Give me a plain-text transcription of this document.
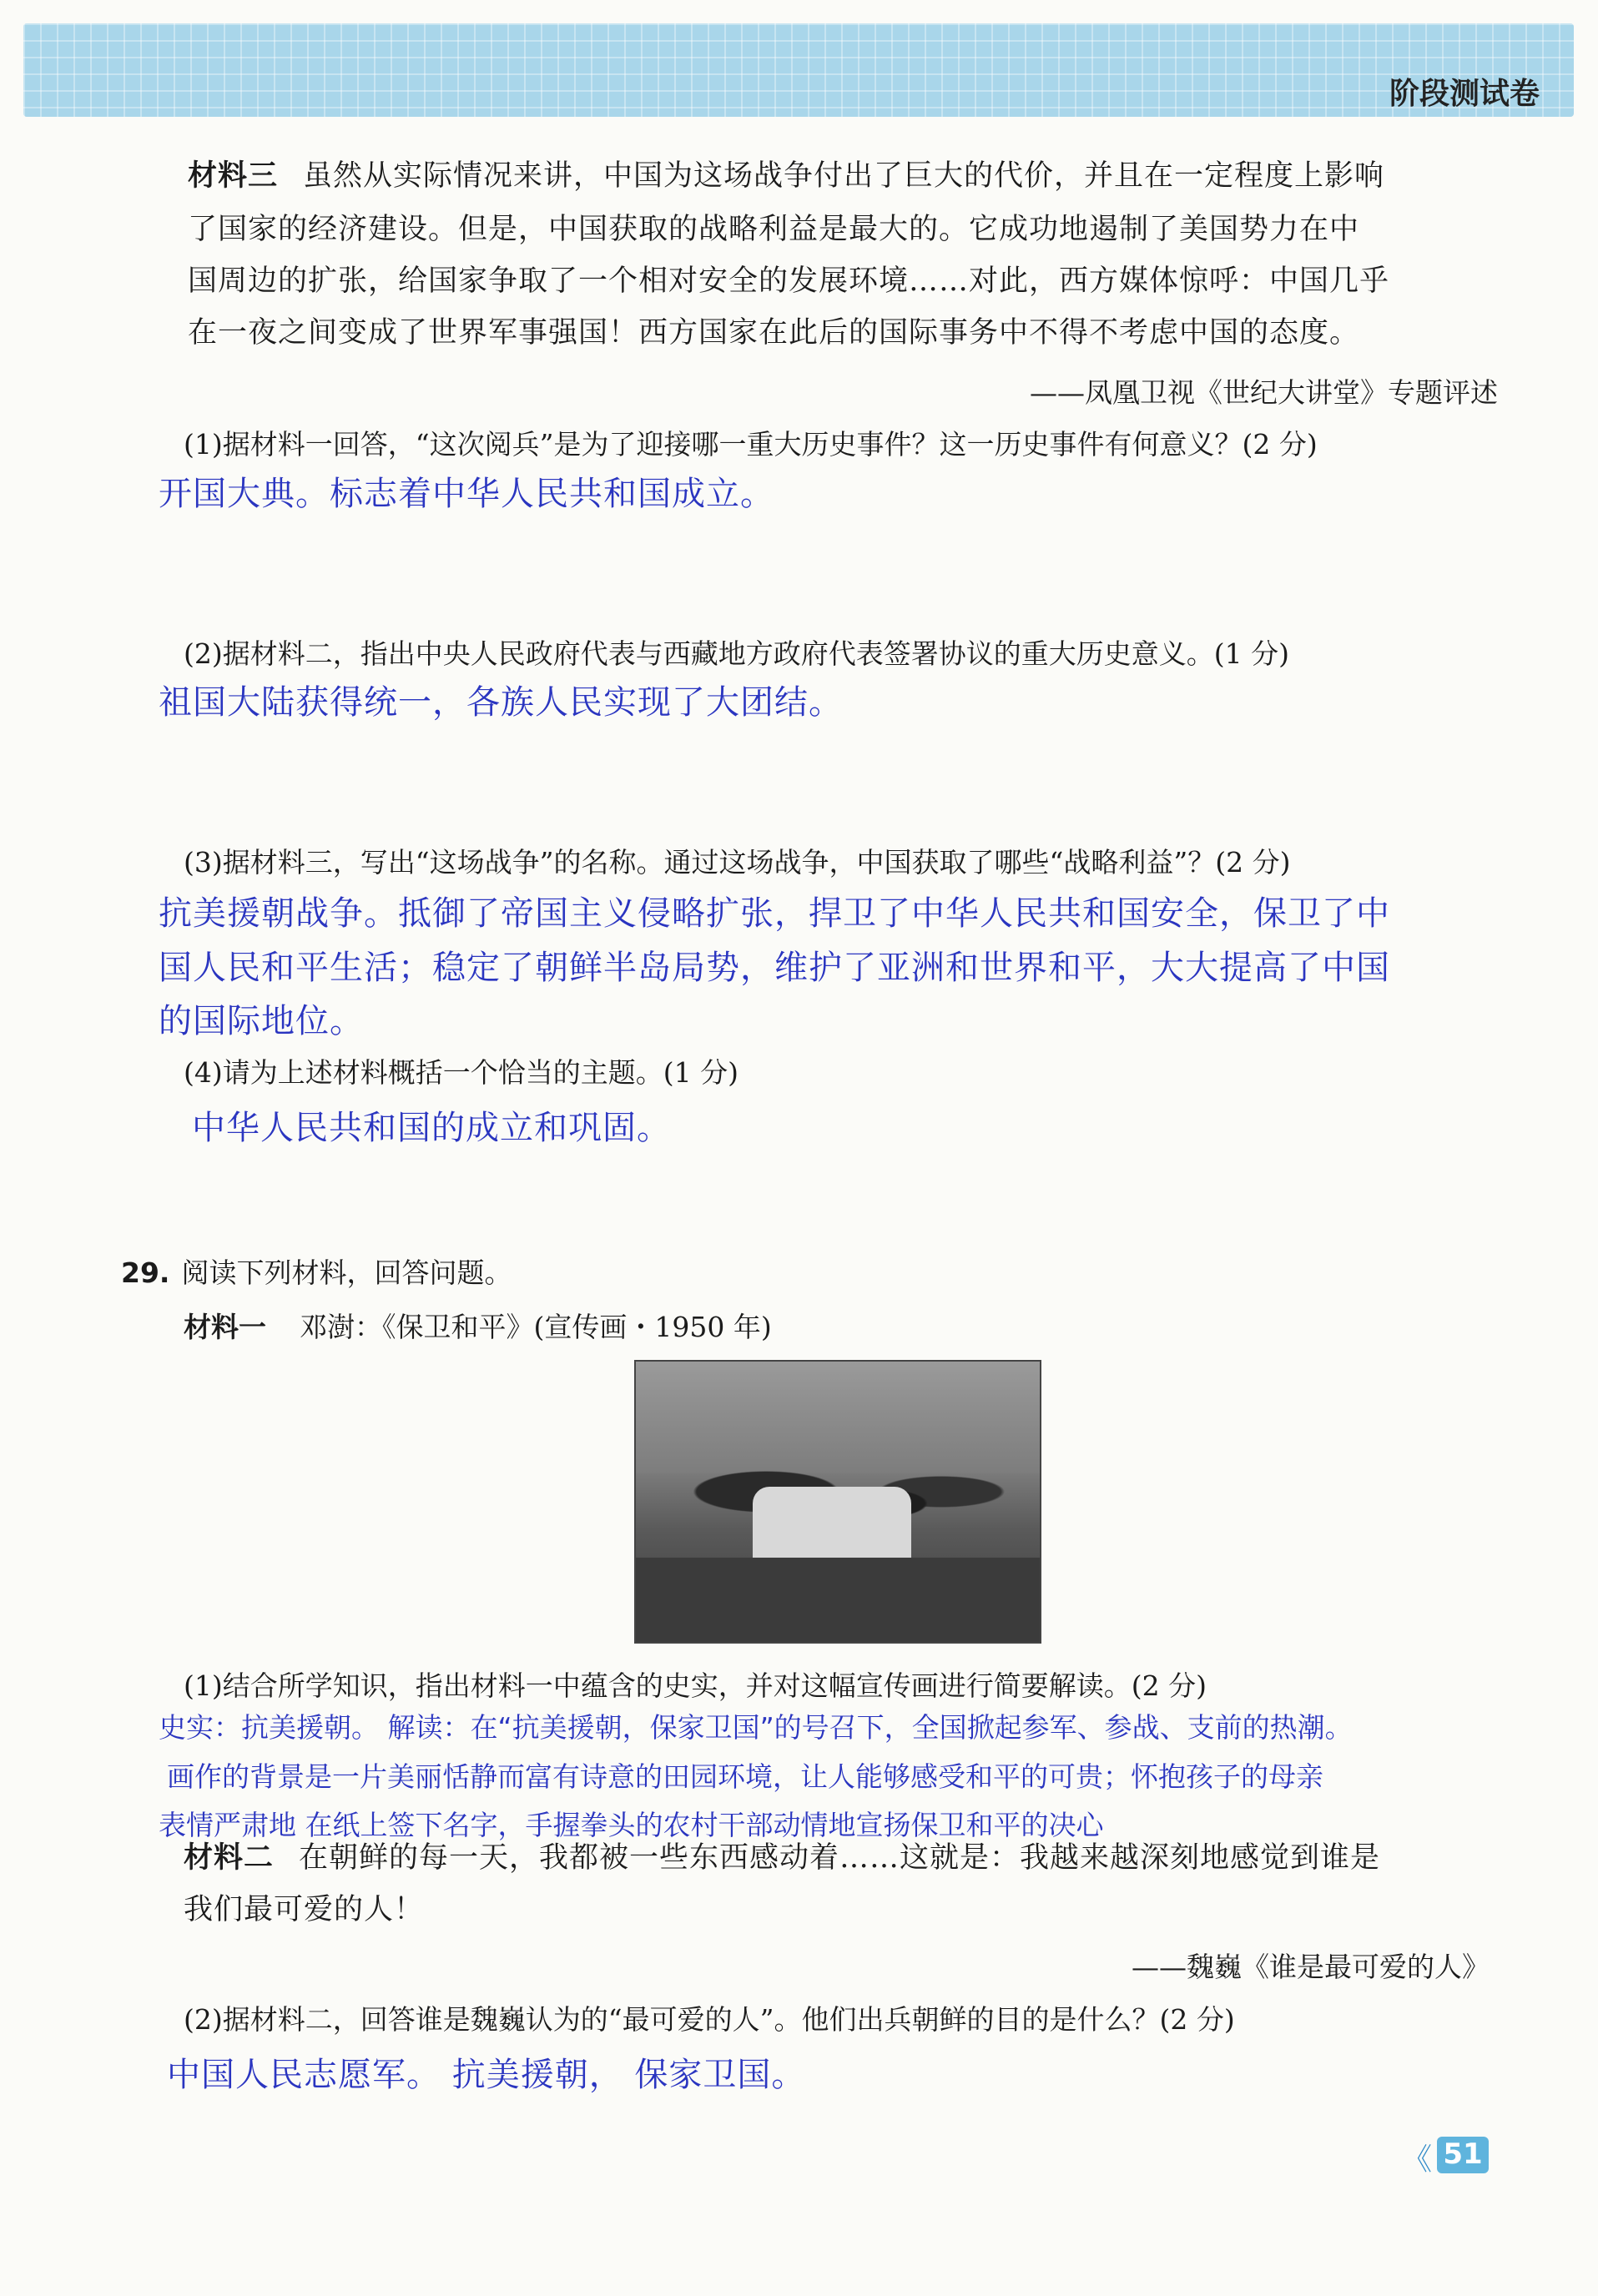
阶段测试卷
材料三 虽然从实际情况来讲，中国为这场战争付出了巨大的代价，并且在一定程度上影响
了国家的经济建设。但是，中国获取的战略利益是最大的。它成功地遏制了美国势力在中
国周边的扩张，给国家争取了一个相对安全的发展环境……对此，西方媒体惊呼：中国几乎
在一夜之间变成了世界军事强国！西方国家在此后的国际事务中不得不考虑中国的态度。
——凤凰卫视《世纪大讲堂》专题评述
(1)据材料一回答，“这次阅兵”是为了迎接哪一重大历史事件？这一历史事件有何意义？(2 分)
开国大典。标志着中华人民共和国成立。
(2)据材料二，指出中央人民政府代表与西藏地方政府代表签署协议的重大历史意义。(1 分)
祖国大陆获得统一，各族人民实现了大团结。
(3)据材料三，写出“这场战争”的名称。通过这场战争，中国获取了哪些“战略利益”？(2 分)
抗美援朝战争。抵御了帝国主义侵略扩张，捍卫了中华人民共和国安全，保卫了中
国人民和平生活；稳定了朝鲜半岛局势，维护了亚洲和世界和平，大大提高了中国
的国际地位。
(4)请为上述材料概括一个恰当的主题。(1 分)
中华人民共和国的成立和巩固。
29. 阅读下列材料，回答问题。
材料一 邓澍：《保卫和平》(宣传画・1950 年)
(1)结合所学知识，指出材料一中蕴含的史实，并对这幅宣传画进行简要解读。(2 分)
史实：抗美援朝。 解读：在“抗美援朝，保家卫国”的号召下，全国掀起参军、参战、支前的热潮。
画作的背景是一片美丽恬静而富有诗意的田园环境，让人能够感受和平的可贵；怀抱孩子的母亲
表情严肃地 在纸上签下名字，手握拳头的农村干部动情地宣扬保卫和平的决心
材料二 在朝鲜的每一天，我都被一些东西感动着……这就是：我越来越深刻地感觉到谁是
我们最可爱的人！
——魏巍《谁是最可爱的人》
(2)据材料二，回答谁是魏巍认为的“最可爱的人”。他们出兵朝鲜的目的是什么？(2 分)
中国人民志愿军。 抗美援朝， 保家卫国。
《 51
